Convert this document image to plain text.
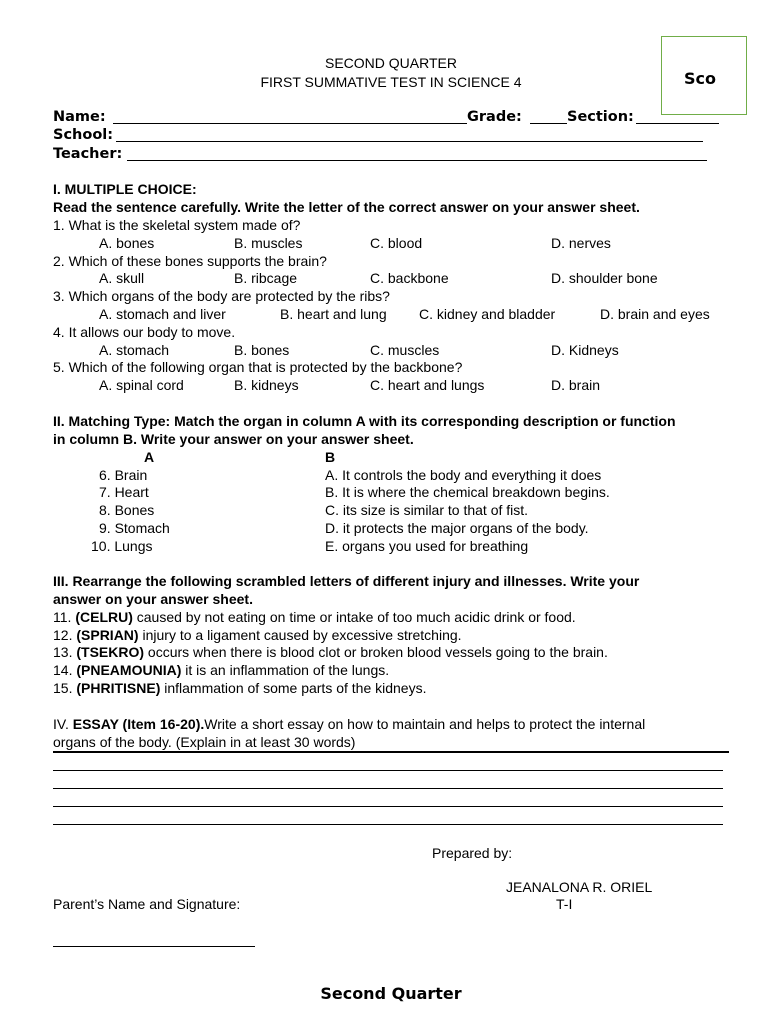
SECOND QUARTER
FIRST SUMMATIVE TEST IN SCIENCE 4	Sco
Name:	Grade:	Section:
School:
Teacher:
I. MULTIPLE CHOICE:
Read the sentence carefully. Write the letter of the correct answer on your answer sheet.
1. What is the skeletal system made of?
A. bones	B. muscles	C. blood	D. nerves
2. Which of these bones supports the brain?
A. skull	B. ribcage	C. backbone	D. shoulder bone
3. Which organs of the body are protected by the ribs?
A. stomach and liver	B. heart and lung C. kidney and bladder	D. brain and eyes
4. It allows our body to move.
A. stomach	B. bones	C. muscles	D. Kidneys
5. Which of the following organ that is protected by the backbone?
A. spinal cord	B. kidneys	C. heart and lungs	D. brain
II. Matching Type: Match the organ in column A with its corresponding description or function
in column B. Write your answer on your answer sheet.
A	B
6. Brain	A. It controls the body and everything it does
7. Heart	B. It is where the chemical breakdown begins.
8. Bones	C. its size is similar to that of fist.
9. Stomach	D. it protects the major organs of the body.
10. Lungs	E. organs you used for breathing
III. Rearrange the following scrambled letters of different injury and illnesses. Write your
answer on your answer sheet.
11. (CELRU) caused by not eating on time or intake of too much acidic drink or food.
12. (SPRIAN) injury to a ligament caused by excessive stretching.
13. (TSEKRO) occurs when there is blood clot or broken blood vessels going to the brain.
14. (PNEAMOUNIA) it is an inflammation of the lungs.
15. (PHRITISNE) inflammation of some parts of the kidneys.
IV. ESSAY (Item 16-20).Write a short essay on how to maintain and helps to protect the internal
organs of the body. (Explain in at least 30 words)
Prepared by:
JEANALONA R. ORIEL
T-I
Parent’s Name and Signature:
Second Quarter
